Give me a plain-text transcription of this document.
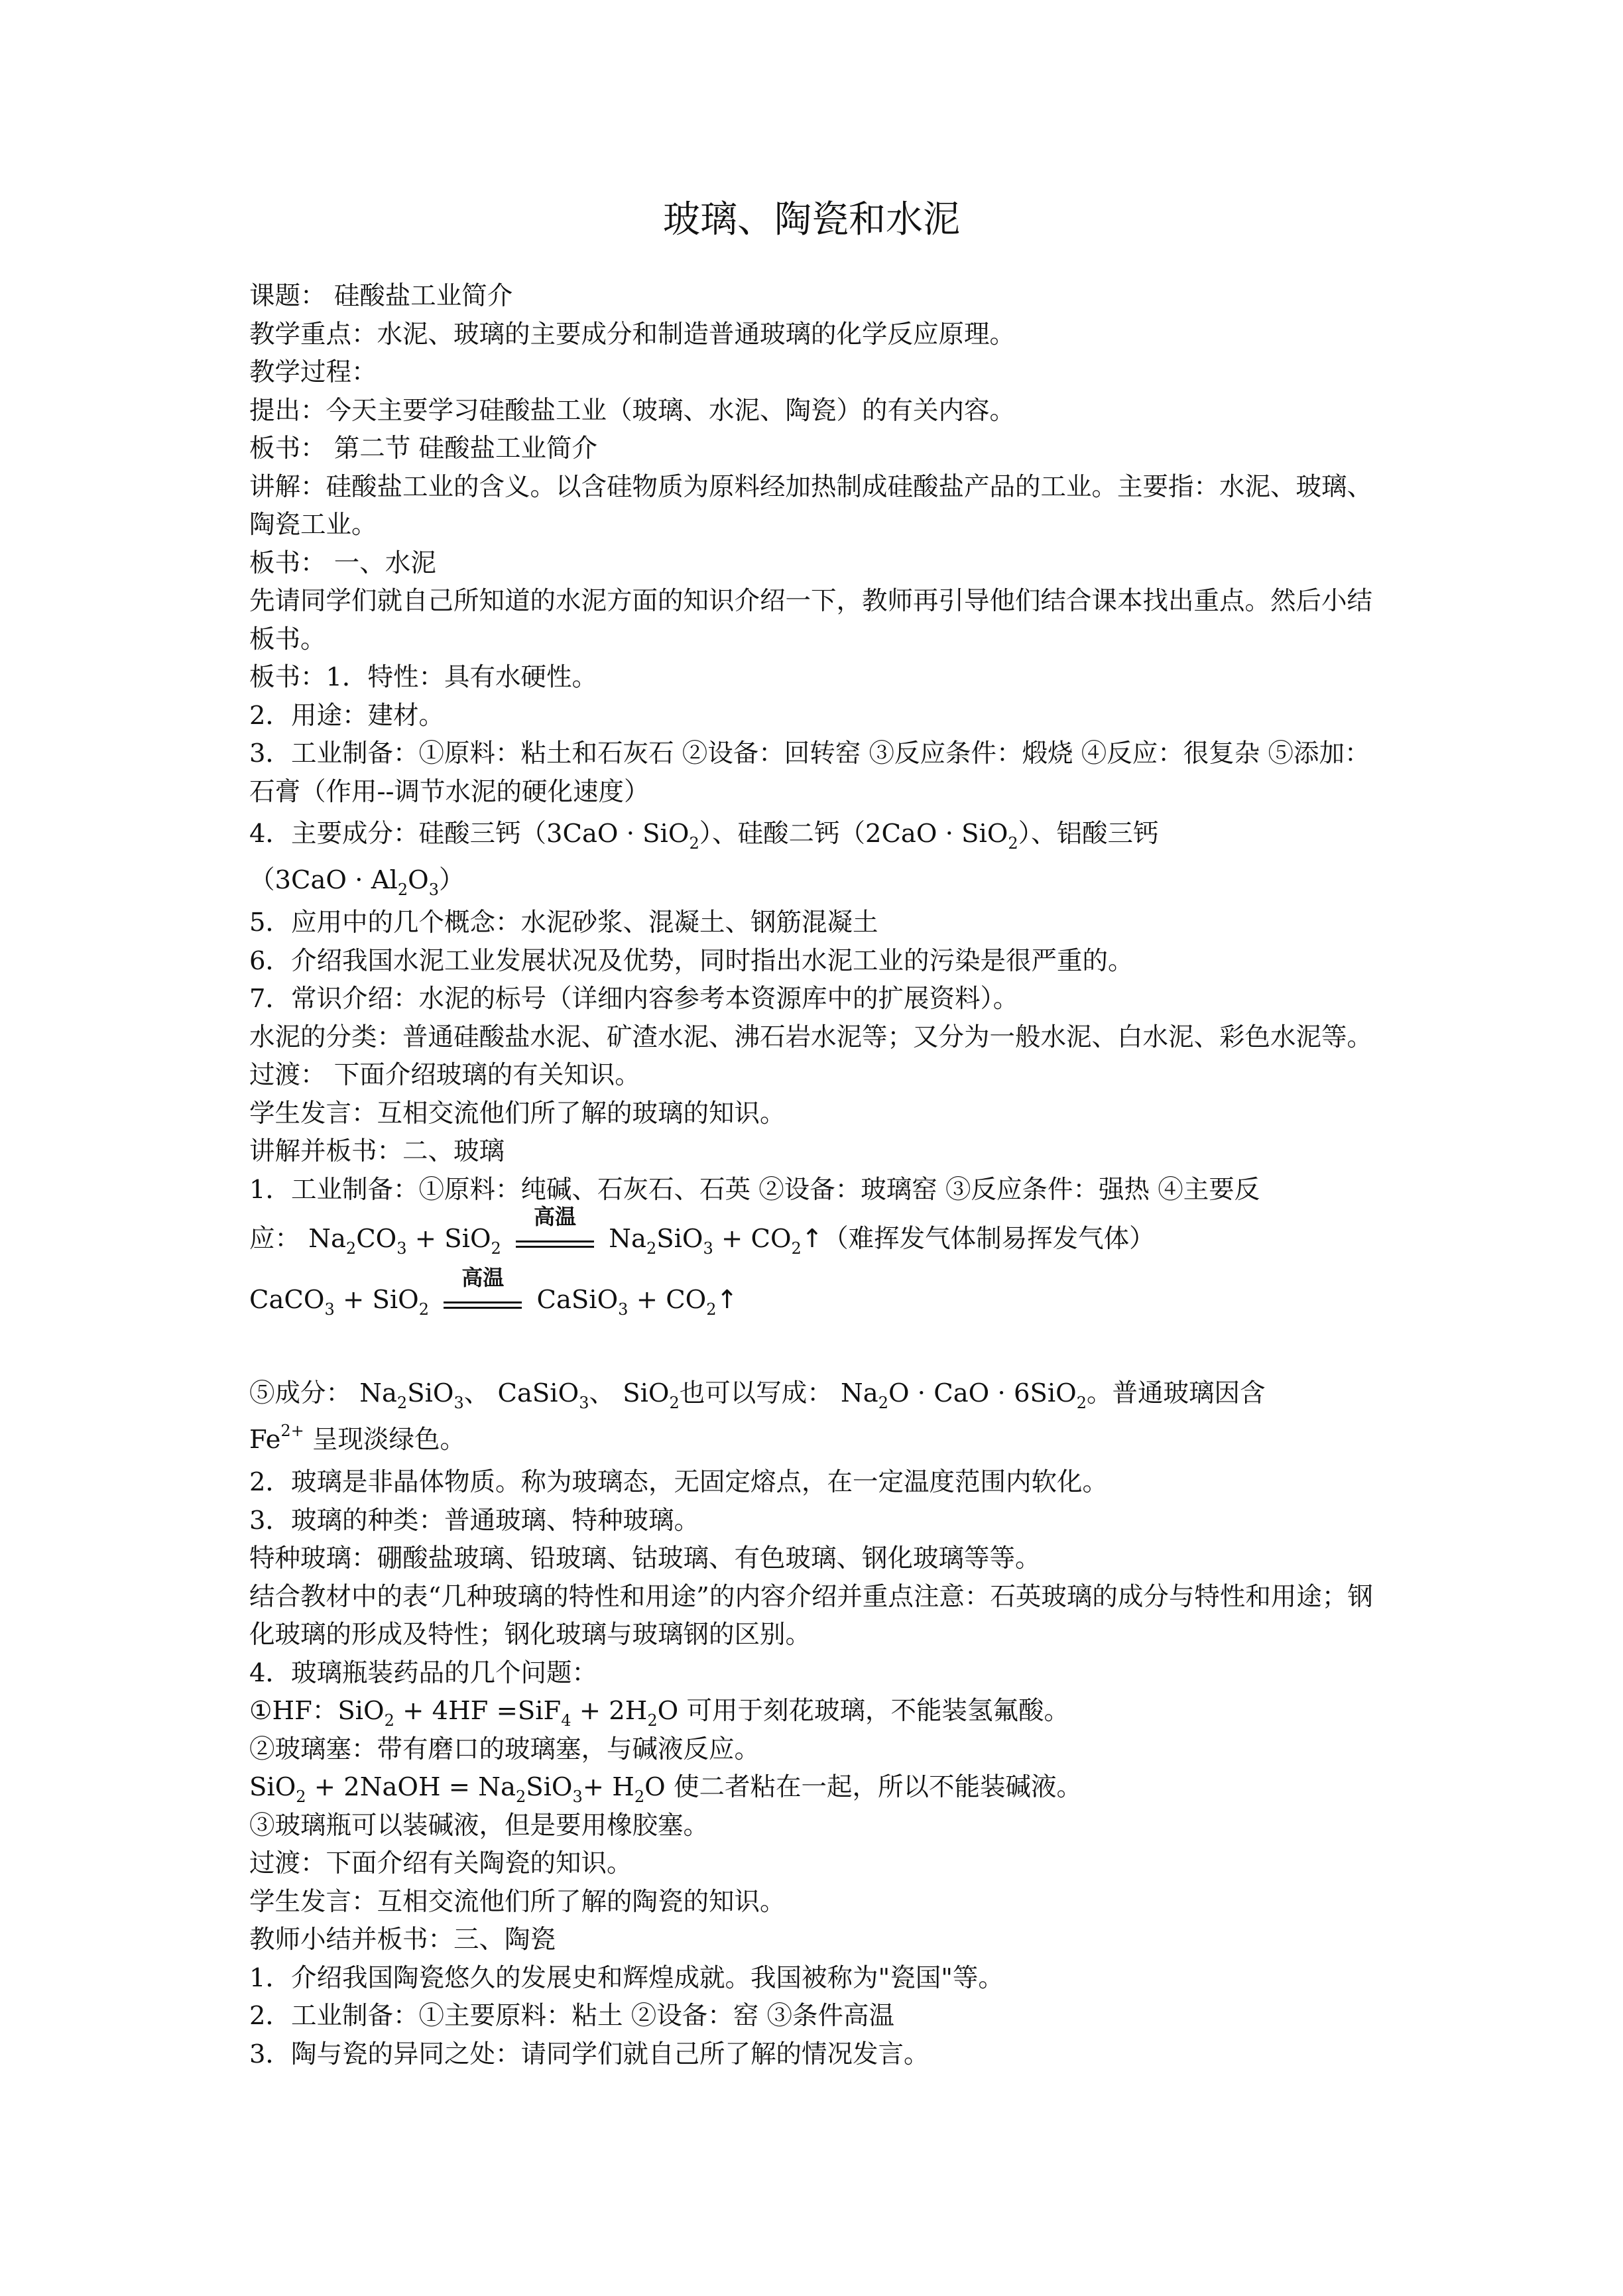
玻璃、陶瓷和水泥
课题： 硅酸盐工业简介
教学重点：水泥、玻璃的主要成分和制造普通玻璃的化学反应原理。
教学过程：
提出：今天主要学习硅酸盐工业（玻璃、水泥、陶瓷）的有关内容。
板书： 第二节 硅酸盐工业简介
讲解：硅酸盐工业的含义。以含硅物质为原料经加热制成硅酸盐产品的工业。主要指：水泥、玻璃、陶瓷工业。
板书： 一、水泥
先请同学们就自己所知道的水泥方面的知识介绍一下，教师再引导他们结合课本找出重点。然后小结板书。
板书：1．特性：具有水硬性。
2．用途：建材。
3．工业制备：①原料：粘土和石灰石 ②设备：回转窑 ③反应条件：煅烧 ④反应：很复杂 ⑤添加：石膏（作用--调节水泥的硬化速度）
4．主要成分：硅酸三钙（3CaO · SiO$_2$）、硅酸二钙（2CaO · SiO$_2$）、铝酸三钙
$(3CaO \cdot Al_2O_3)$
5．应用中的几个概念：水泥砂浆、混凝土、钢筋混凝土
6．介绍我国水泥工业发展状况及优势，同时指出水泥工业的污染是很严重的。
7．常识介绍：水泥的标号（详细内容参考本资源库中的扩展资料）。
水泥的分类：普通硅酸盐水泥、矿渣水泥、沸石岩水泥等；又分为一般水泥、白水泥、彩色水泥等。
过渡： 下面介绍玻璃的有关知识。
学生发言：互相交流他们所了解的玻璃的知识。
讲解并板书：二、玻璃
1．工业制备：①原料：纯碱、石灰石、石英 ②设备：玻璃窑 ③反应条件：强热 ④主要反
应： $Na_2CO_3 + SiO_2$
高温
$Na_2SiO_3$ + $CO_2↑$（难挥发气体制易挥发气体）
CaCO$_3$ + SiO$_2$
高温
CaSiO$_3$ + $CO_2↑$
⑤成分： $Na_2SiO_3$、 CaSiO$_3$、 SiO$_2$也可以写成： $Na_2O$ · CaO · 6SiO$_2$。普通玻璃因含
$Fe^{2+}$ 呈现淡绿色。
2．玻璃是非晶体物质。称为玻璃态，无固定熔点，在一定温度范围内软化。
3．玻璃的种类：普通玻璃、特种玻璃。
特种玻璃：硼酸盐玻璃、铅玻璃、钴玻璃、有色玻璃、钢化玻璃等等。
结合教材中的表“几种玻璃的特性和用途”的内容介绍并重点注意：石英玻璃的成分与特性和用途；钢化玻璃的形成及特性；钢化玻璃与玻璃钢的区别。
4．玻璃瓶装药品的几个问题：
①HF：$SiO_2 + 4HF =SiF_4 + 2H_2O$ 可用于刻花玻璃，不能装氢氟酸。
②玻璃塞：带有磨口的玻璃塞，与碱液反应。
SiO$_2$ + 2NaOH = $Na_2SiO_3+ H_2O$ 使二者粘在一起，所以不能装碱液。
③玻璃瓶可以装碱液，但是要用橡胶塞。
过渡：下面介绍有关陶瓷的知识。
学生发言：互相交流他们所了解的陶瓷的知识。
教师小结并板书：三、陶瓷
1．介绍我国陶瓷悠久的发展史和辉煌成就。我国被称为"瓷国"等。
2．工业制备：①主要原料：粘土 ②设备：窑 ③条件高温
3．陶与瓷的异同之处：请同学们就自己所了解的情况发言。
